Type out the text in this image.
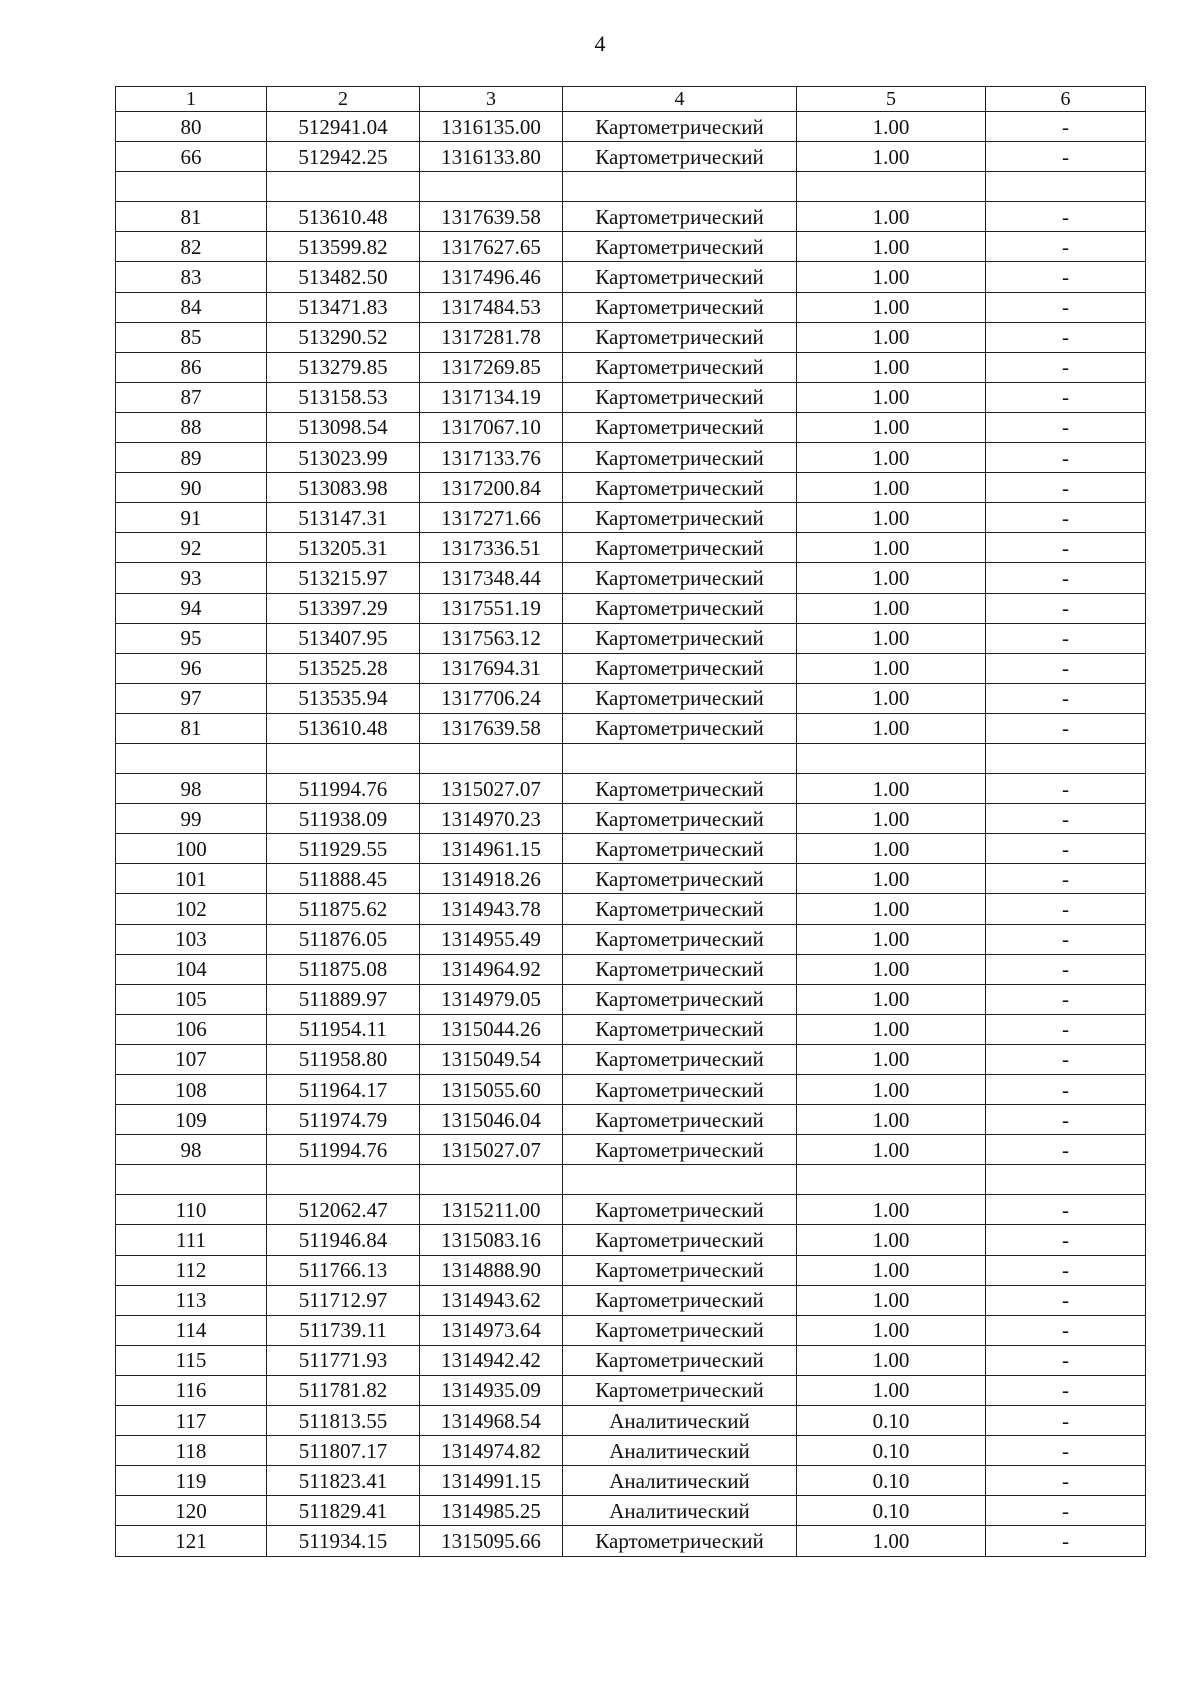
4
1	2	3	4	5	6
80	512941.04	1316135.00	Картометрический	1.00	-
66	512942.25	1316133.80	Картометрический	1.00	-

81	513610.48	1317639.58	Картометрический	1.00	-
82	513599.82	1317627.65	Картометрический	1.00	-
83	513482.50	1317496.46	Картометрический	1.00	-
84	513471.83	1317484.53	Картометрический	1.00	-
85	513290.52	1317281.78	Картометрический	1.00	-
86	513279.85	1317269.85	Картометрический	1.00	-
87	513158.53	1317134.19	Картометрический	1.00	-
88	513098.54	1317067.10	Картометрический	1.00	-
89	513023.99	1317133.76	Картометрический	1.00	-
90	513083.98	1317200.84	Картометрический	1.00	-
91	513147.31	1317271.66	Картометрический	1.00	-
92	513205.31	1317336.51	Картометрический	1.00	-
93	513215.97	1317348.44	Картометрический	1.00	-
94	513397.29	1317551.19	Картометрический	1.00	-
95	513407.95	1317563.12	Картометрический	1.00	-
96	513525.28	1317694.31	Картометрический	1.00	-
97	513535.94	1317706.24	Картометрический	1.00	-
81	513610.48	1317639.58	Картометрический	1.00	-

98	511994.76	1315027.07	Картометрический	1.00	-
99	511938.09	1314970.23	Картометрический	1.00	-
100	511929.55	1314961.15	Картометрический	1.00	-
101	511888.45	1314918.26	Картометрический	1.00	-
102	511875.62	1314943.78	Картометрический	1.00	-
103	511876.05	1314955.49	Картометрический	1.00	-
104	511875.08	1314964.92	Картометрический	1.00	-
105	511889.97	1314979.05	Картометрический	1.00	-
106	511954.11	1315044.26	Картометрический	1.00	-
107	511958.80	1315049.54	Картометрический	1.00	-
108	511964.17	1315055.60	Картометрический	1.00	-
109	511974.79	1315046.04	Картометрический	1.00	-
98	511994.76	1315027.07	Картометрический	1.00	-

110	512062.47	1315211.00	Картометрический	1.00	-
111	511946.84	1315083.16	Картометрический	1.00	-
112	511766.13	1314888.90	Картометрический	1.00	-
113	511712.97	1314943.62	Картометрический	1.00	-
114	511739.11	1314973.64	Картометрический	1.00	-
115	511771.93	1314942.42	Картометрический	1.00	-
116	511781.82	1314935.09	Картометрический	1.00	-
117	511813.55	1314968.54	Аналитический	0.10	-
118	511807.17	1314974.82	Аналитический	0.10	-
119	511823.41	1314991.15	Аналитический	0.10	-
120	511829.41	1314985.25	Аналитический	0.10	-
121	511934.15	1315095.66	Картометрический	1.00	-
